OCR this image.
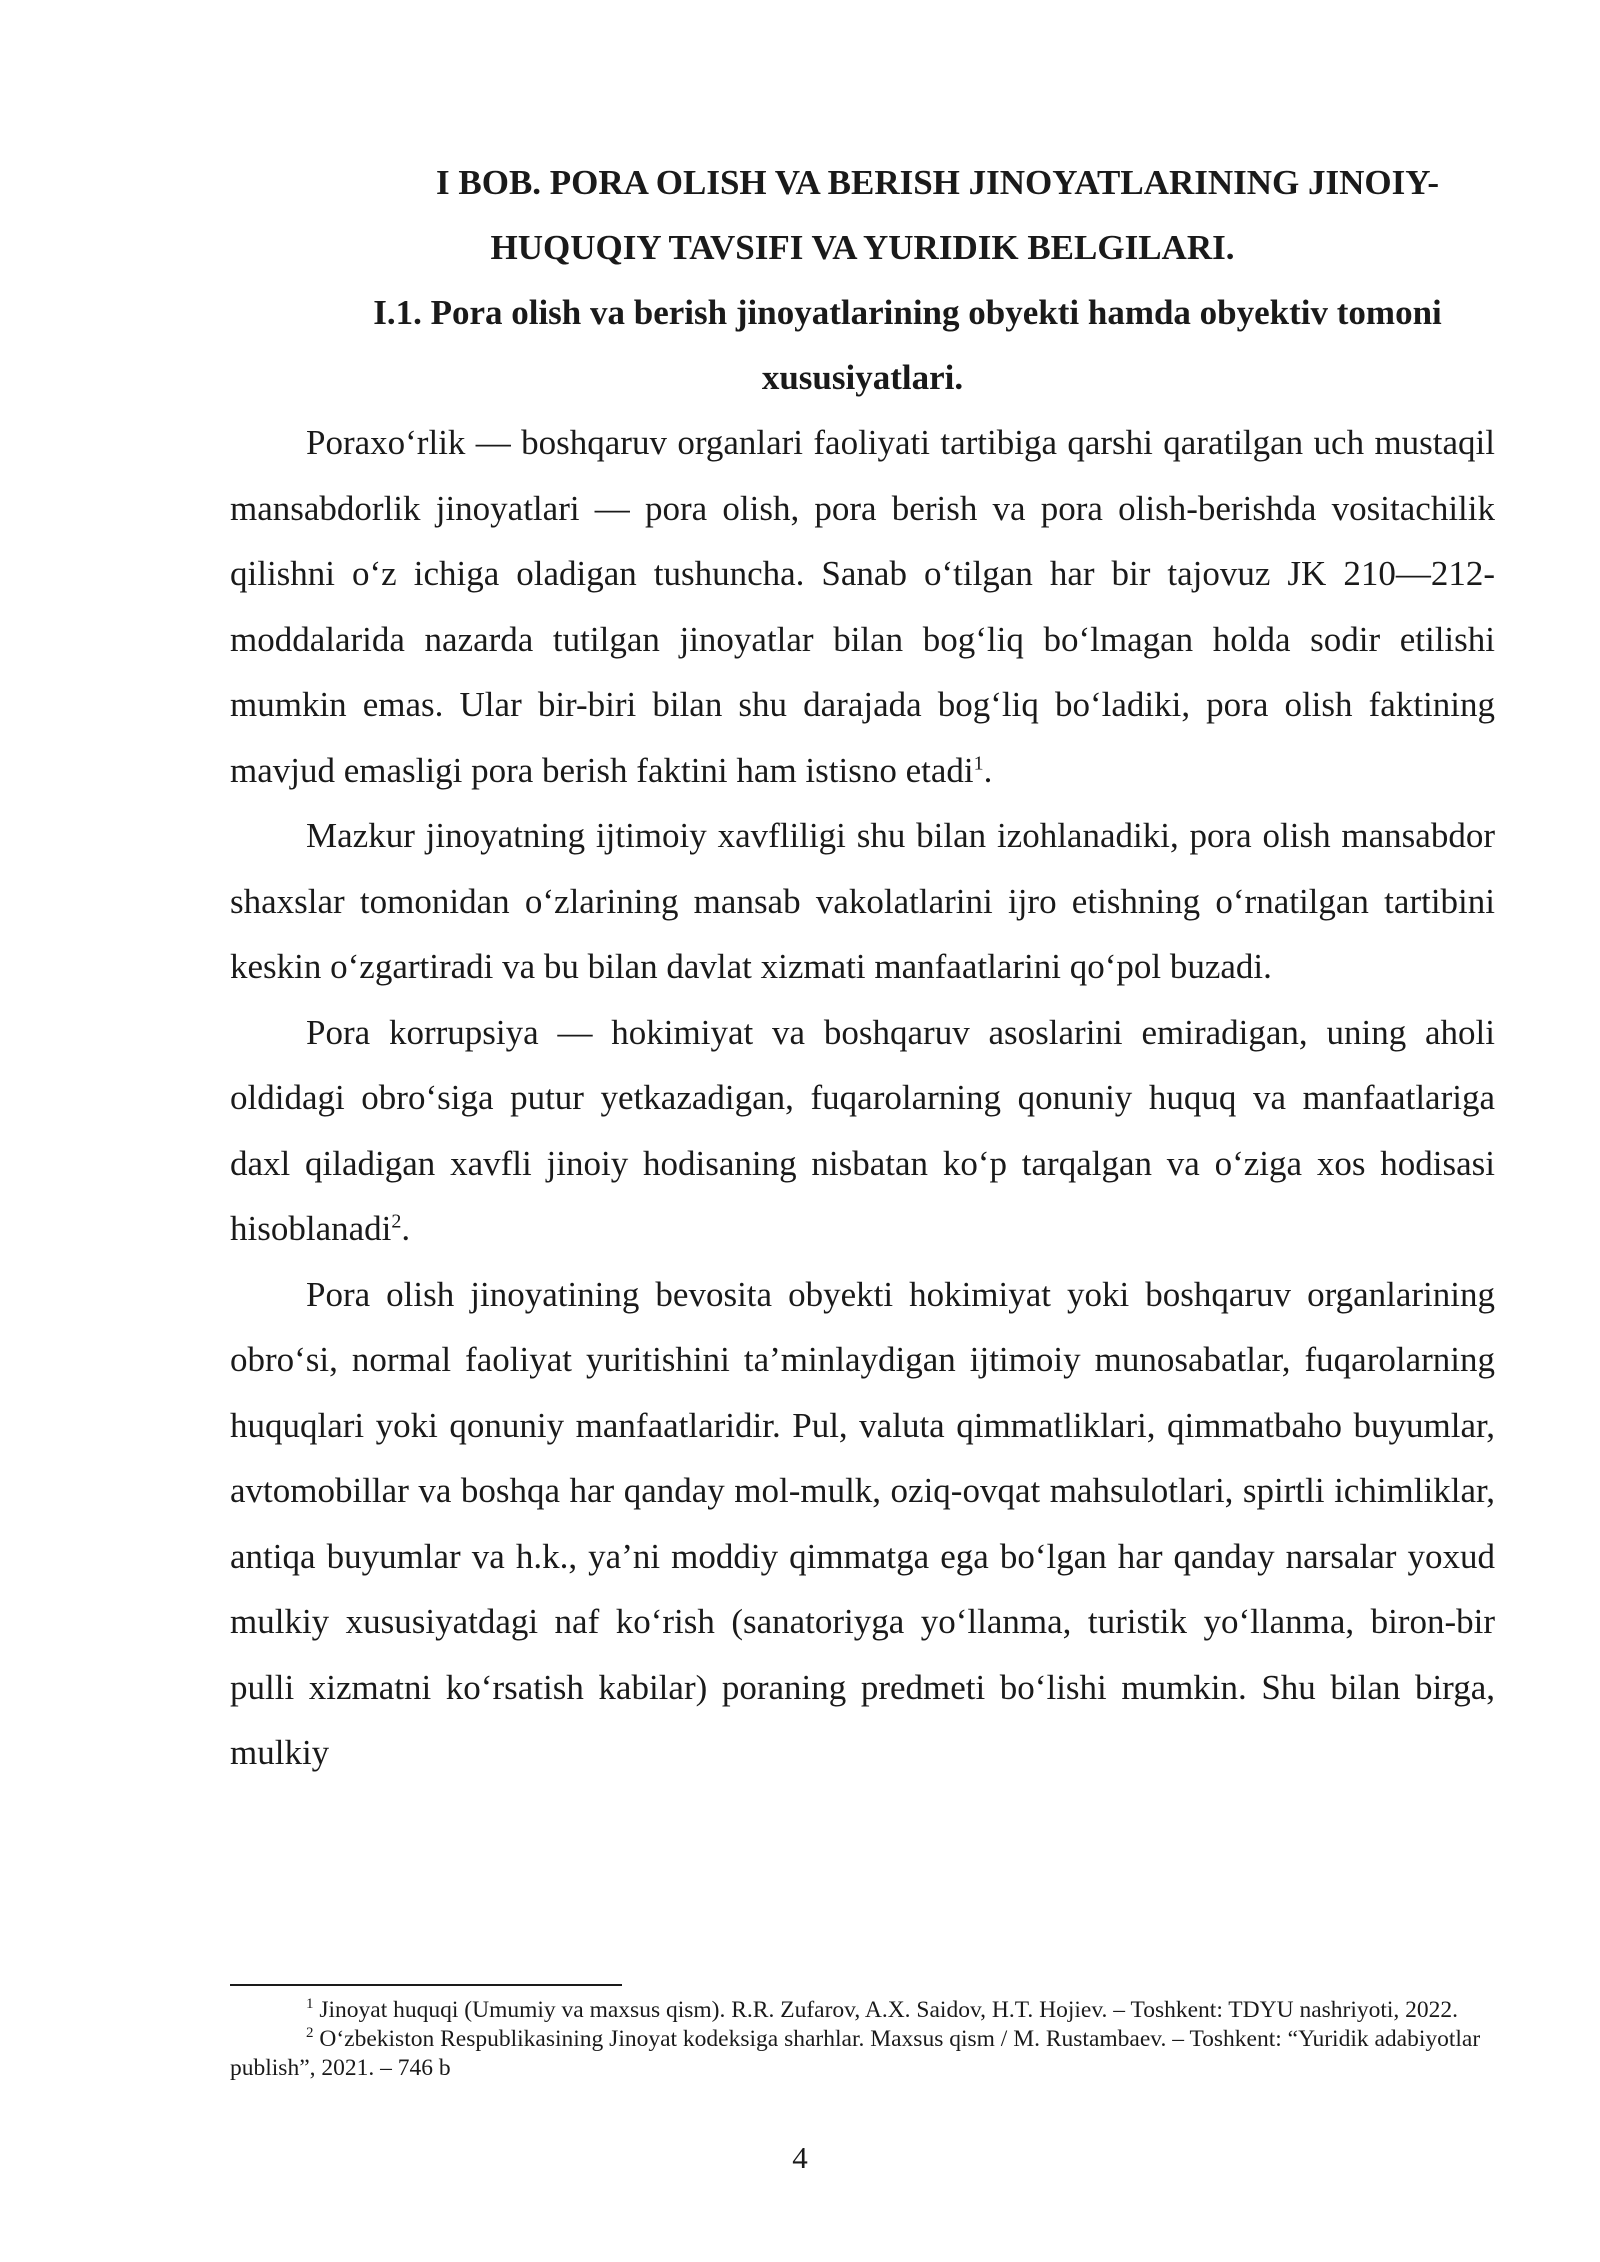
I BOB. PORA OLISH VA BERISH JINOYATLARINING JINOIY-

HUQUQIY TAVSIFI VA YURIDIK BELGILARI.

I.1. Pora olish va berish jinoyatlarining obyekti hamda obyektiv tomoni

xususiyatlari.

Poraxo‘rlik — boshqaruv organlari faoliyati tartibiga qarshi qaratilgan uch mustaqil mansabdorlik jinoyatlari — pora olish, pora berish va pora olish-berishda vositachilik qilishni o‘z ichiga oladigan tushuncha. Sanab o‘tilgan har bir tajovuz JK 210—212- moddalarida nazarda tutilgan jinoyatlar bilan bog‘liq bo‘lmagan holda sodir etilishi mumkin emas. Ular bir-biri bilan shu darajada bog‘liq bo‘ladiki, pora olish faktining mavjud emasligi pora berish faktini ham istisno etadi$^1$.

Mazkur jinoyatning ijtimoiy xavfliligi shu bilan izohlanadiki, pora olish mansabdor shaxslar tomonidan o‘zlarining mansab vakolatlarini ijro etishning o‘rnatilgan tartibini keskin o‘zgartiradi va bu bilan davlat xizmati manfaatlarini qo‘pol buzadi.

Pora korrupsiya — hokimiyat va boshqaruv asoslarini emiradigan, uning aholi oldidagi obro‘siga putur yetkazadigan, fuqarolarning qonuniy huquq va manfaatlariga daxl qiladigan xavfli jinoiy hodisaning nisbatan ko‘p tarqalgan va o‘ziga xos hodisasi hisoblanadi$^2$.

Pora olish jinoyatining bevosita obyekti hokimiyat yoki boshqaruv organlarining obro‘si, normal faoliyat yuritishini ta’minlaydigan ijtimoiy munosabatlar, fuqarolarning huquqlari yoki qonuniy manfaatlaridir. Pul, valuta qimmatliklari, qimmatbaho buyumlar, avtomobillar va boshqa har qanday mol-mulk, oziq-ovqat mahsulotlari, spirtli ichimliklar, antiqa buyumlar va h.k., ya’ni moddiy qimmatga ega bo‘lgan har qanday narsalar yoxud mulkiy xususiyatdagi naf ko‘rish (sanatoriyga yo‘llanma, turistik yo‘llanma, biron-bir pulli xizmatni ko‘rsatish kabilar) poraning predmeti bo‘lishi mumkin. Shu bilan birga, mulkiy

$^1$ Jinoyat huquqi (Umumiy va maxsus qism). R.R. Zufarov, A.X. Saidov, H.T. Hojiev. – Toshkent: TDYU nashriyoti, 2022.

$^2$ O‘zbekiston Respublikasining Jinoyat kodeksiga sharhlar. Maxsus qism / M. Rustambaev. – Toshkent: “Yuridik adabiyotlar publish”, 2021. – 746 b

4
